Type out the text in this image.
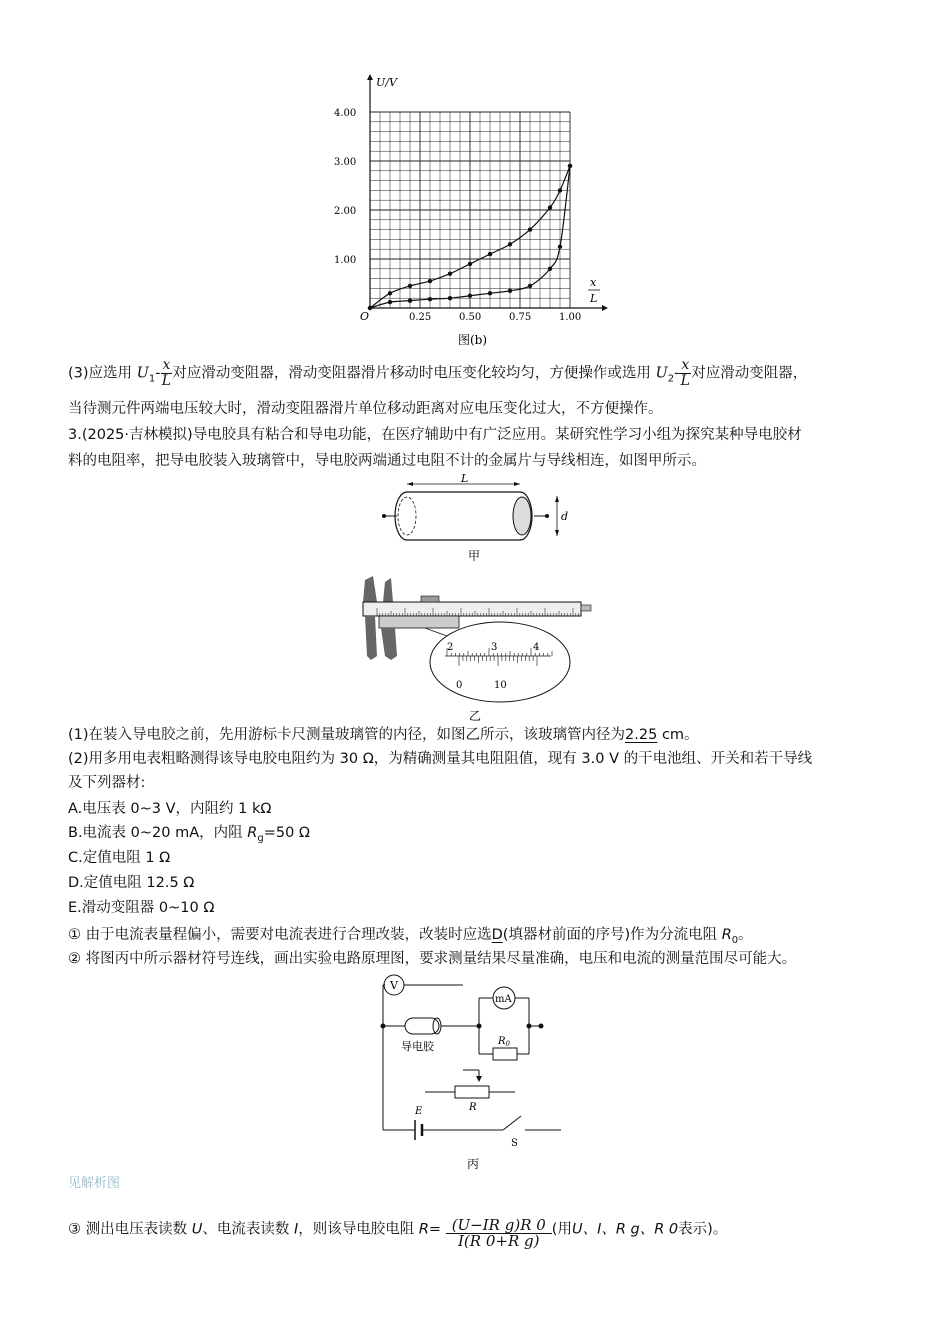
U/V
x
L
O
4.00
3.00
2.00
1.00
0.25	0.50	0.75	1.00
图(b)
(3)应选用 $U_1- \frac{x}{L}$ 对应滑动变阻器，滑动变阻器滑片移动时电压变化较均匀，方便操作或选用 $U_2- \frac{x}{L}$ 对应滑动变阻器，
当待测元件两端电压较大时，滑动变阻器滑片单位移动距离对应电压变化过大，不方便操作。
3.(2025·吉林模拟)导电胶具有粘合和导电功能，在医疗辅助中有广泛应用。某研究性学习小组为探究某种导电胶材
料的电阻率，把导电胶装入玻璃管中，导电胶两端通过电阻不计的金属片与导线相连，如图甲所示。
L
d
甲
2	3	4
0	10
乙
(1)在装入导电胶之前，先用游标卡尺测量玻璃管的内径，如图乙所示，该玻璃管内径为2.25 cm。
(2)用多用电表粗略测得该导电胶电阻约为 30 Ω，为精确测量其电阻阻值，现有 3.0 V 的干电池组、开关和若干导线
及下列器材:
A.电压表 0~3 V，内阻约 1 kΩ
B.电流表 0~20 mA，内阻 $R_g=50$ Ω
C.定值电阻 1 Ω
D.定值电阻 12.5 Ω
E.滑动变阻器 0~10 Ω
① 由于电流表量程偏小，需要对电流表进行合理改装，改装时应选D(填器材前面的序号)作为分流电阻 $R_0$。
② 将图丙中所示器材符号连线，画出实验电路原理图，要求测量结果尽量准确，电压和电流的测量范围尽可能大。
V
mA
导电胶	$R_0$
R
E
S
丙
见解析图
③ 测出电压表读数 U、电流表读数 I，则该导电胶电阻 $R= \frac{\text{(U−IR g)R 0}}{\text{I(R 0+R g)}}$ (用U、I、R g、R 0表示)。
